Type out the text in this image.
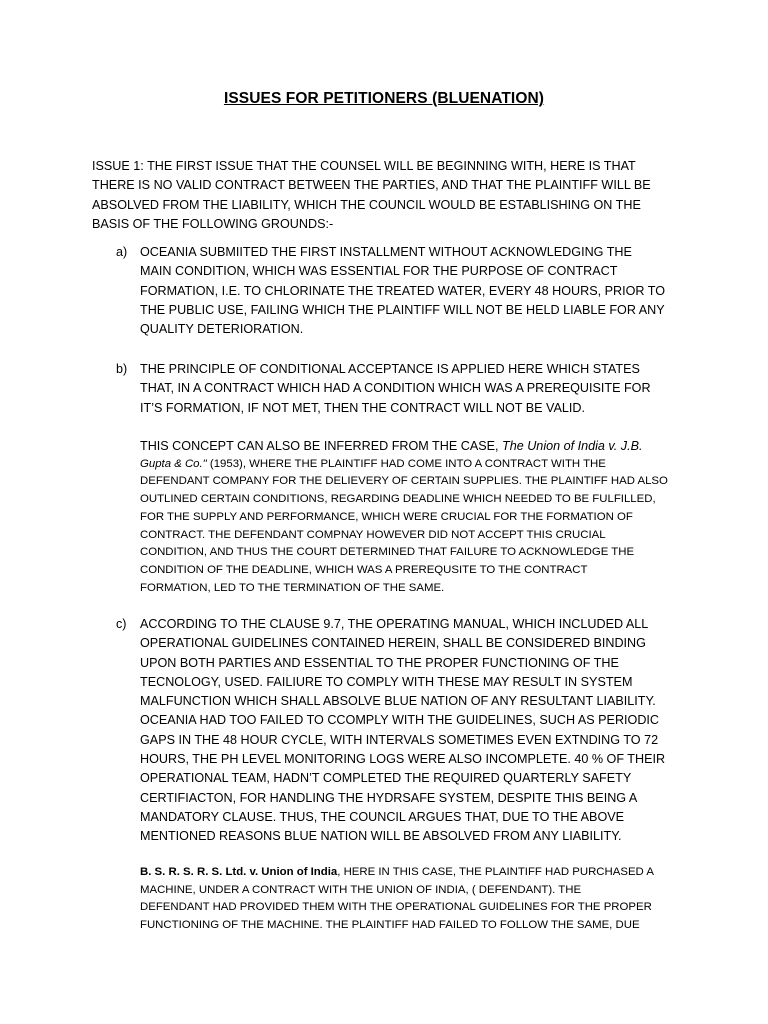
ISSUES FOR PETITIONERS (BLUENATION)
ISSUE 1: THE FIRST ISSUE THAT THE COUNSEL WILL BE BEGINNING WITH, HERE IS THAT
THERE IS NO VALID CONTRACT BETWEEN THE PARTIES, AND THAT THE PLAINTIFF WILL BE
ABSOLVED FROM THE LIABILITY, WHICH THE COUNCIL WOULD BE ESTABLISHING ON THE
BASIS OF THE FOLLOWING GROUNDS:-
a) OCEANIA SUBMIITED THE FIRST INSTALLMENT WITHOUT ACKNOWLEDGING THE
MAIN CONDITION, WHICH WAS ESSENTIAL FOR THE PURPOSE OF CONTRACT
FORMATION, I.E. TO CHLORINATE THE TREATED WATER, EVERY 48 HOURS, PRIOR TO
THE PUBLIC USE, FAILING WHICH THE PLAINTIFF WILL NOT BE HELD LIABLE FOR ANY
QUALITY DETERIORATION.
b) THE PRINCIPLE OF CONDITIONAL ACCEPTANCE IS APPLIED HERE WHICH STATES
THAT, IN A CONTRACT WHICH HAD A CONDITION WHICH WAS A PREREQUISITE FOR
IT’S FORMATION, IF NOT MET, THEN THE CONTRACT WILL NOT BE VALID.
THIS CONCEPT CAN ALSO BE INFERRED FROM THE CASE, The Union of India v. J.B.
Gupta & Co." (1953), WHERE THE PLAINTIFF HAD COME INTO A CONTRACT WITH THE
DEFENDANT COMPANY FOR THE DELIEVERY OF CERTAIN SUPPLIES. THE PLAINTIFF HAD ALSO
OUTLINED CERTAIN CONDITIONS, REGARDING DEADLINE WHICH NEEDED TO BE FULFILLED,
FOR THE SUPPLY AND PERFORMANCE, WHICH WERE CRUCIAL FOR THE FORMATION OF
CONTRACT. THE DEFENDANT COMPNAY HOWEVER DID NOT ACCEPT THIS CRUCIAL
CONDITION, AND THUS THE COURT DETERMINED THAT FAILURE TO ACKNOWLEDGE THE
CONDITION OF THE DEADLINE, WHICH WAS A PREREQUSITE TO THE CONTRACT
FORMATION, LED TO THE TERMINATION OF THE SAME.
c) ACCORDING TO THE CLAUSE 9.7, THE OPERATING MANUAL, WHICH INCLUDED ALL
OPERATIONAL GUIDELINES CONTAINED HEREIN, SHALL BE CONSIDERED BINDING
UPON BOTH PARTIES AND ESSENTIAL TO THE PROPER FUNCTIONING OF THE
TECNOLOGY, USED. FAILIURE TO COMPLY WITH THESE MAY RESULT IN SYSTEM
MALFUNCTION WHICH SHALL ABSOLVE BLUE NATION OF ANY RESULTANT LIABILITY.
OCEANIA HAD TOO FAILED TO CCOMPLY WITH THE GUIDELINES, SUCH AS PERIODIC
GAPS IN THE 48 HOUR CYCLE, WITH INTERVALS SOMETIMES EVEN EXTNDING TO 72
HOURS, THE PH LEVEL MONITORING LOGS WERE ALSO INCOMPLETE. 40 % OF THEIR
OPERATIONAL TEAM, HADN’T COMPLETED THE REQUIRED QUARTERLY SAFETY
CERTIFIACTON, FOR HANDLING THE HYDRSAFE SYSTEM, DESPITE THIS BEING A
MANDATORY CLAUSE. THUS, THE COUNCIL ARGUES THAT, DUE TO THE ABOVE
MENTIONED REASONS BLUE NATION WILL BE ABSOLVED FROM ANY LIABILITY.
B. S. R. S. R. S. Ltd. v. Union of India, HERE IN THIS CASE, THE PLAINTIFF HAD PURCHASED A
MACHINE, UNDER A CONTRACT WITH THE UNION OF INDIA, ( DEFENDANT). THE
DEFENDANT HAD PROVIDED THEM WITH THE OPERATIONAL GUIDELINES FOR THE PROPER
FUNCTIONING OF THE MACHINE. THE PLAINTIFF HAD FAILED TO FOLLOW THE SAME, DUE
